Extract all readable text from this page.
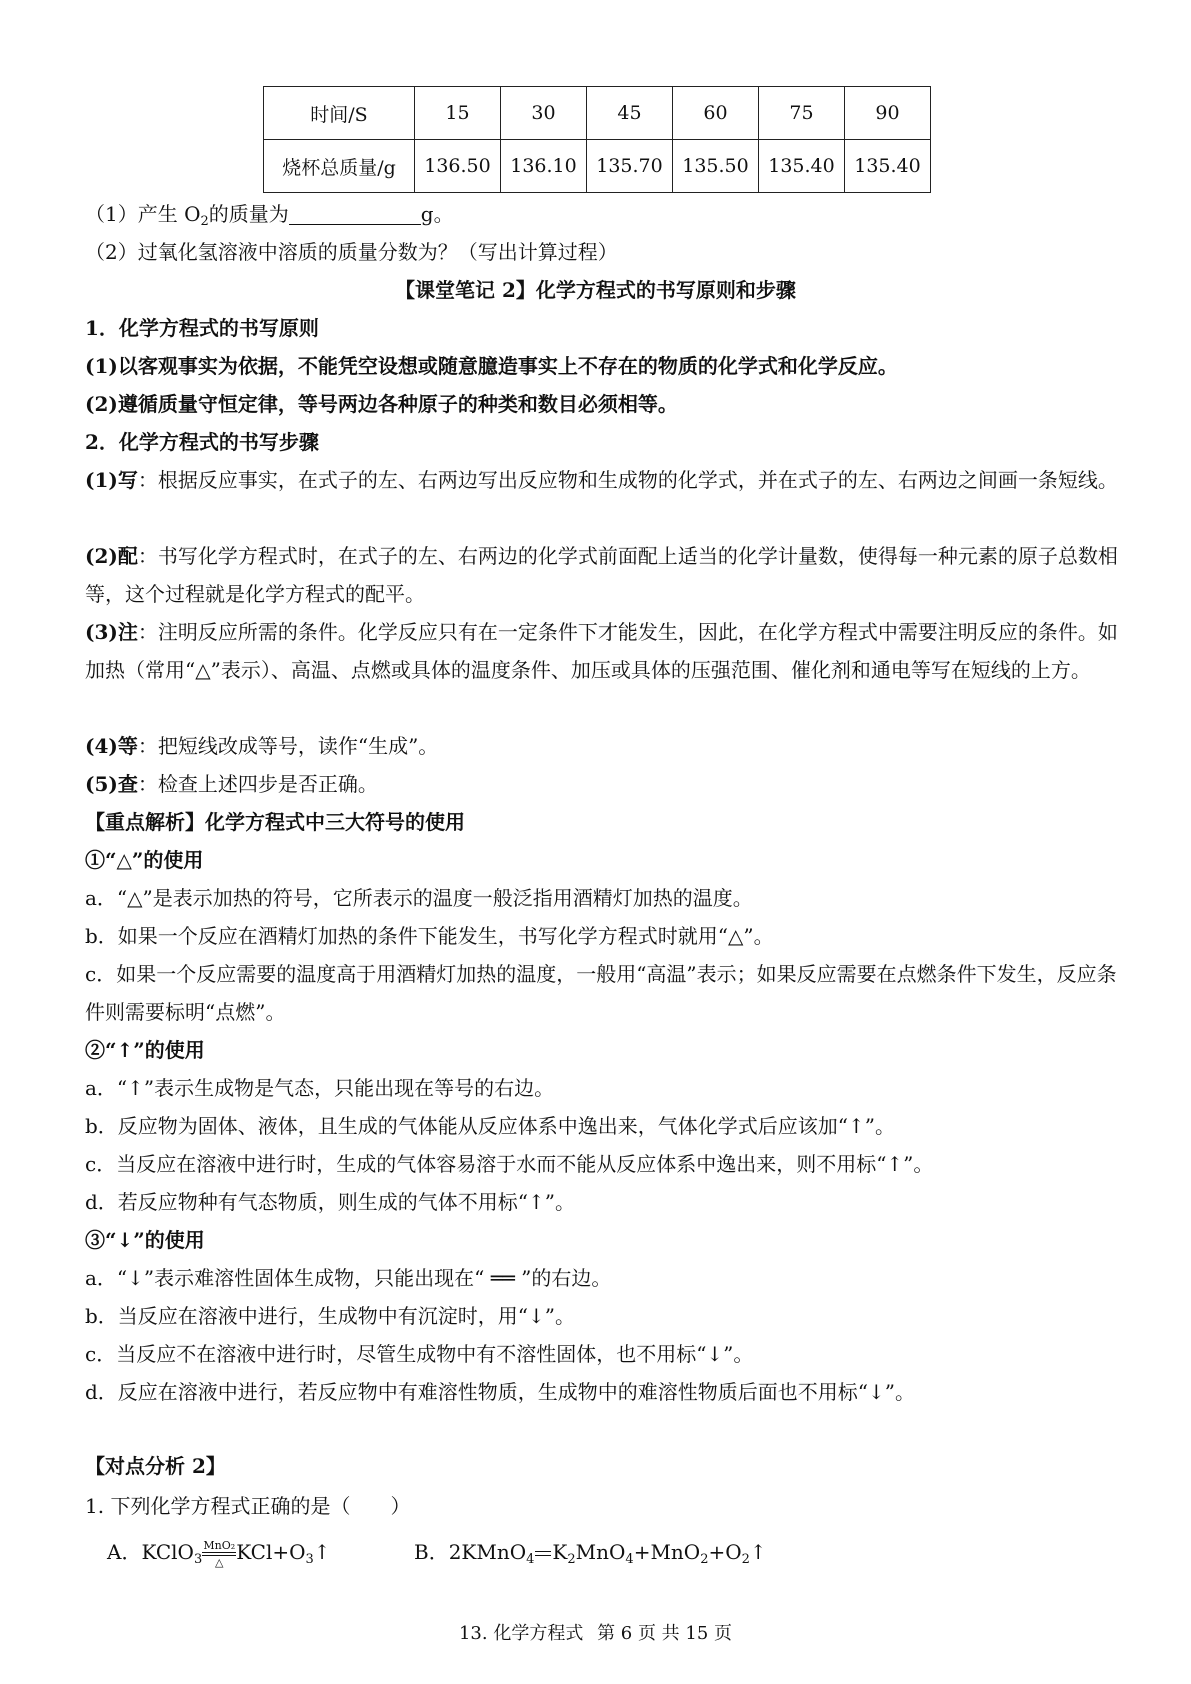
时间/S	15	30	45	60	75	90
烧杯总质量/g	136.50	136.10	135.70	135.50	135.40	135.40
（1）产生 $O_2$的质量为	g。
（2）过氧化氢溶液中溶质的质量分数为？（写出计算过程）
【课堂笔记 2】化学方程式的书写原则和步骤
1．化学方程式的书写原则
(1)以客观事实为依据，不能凭空设想或随意臆造事实上不存在的物质的化学式和化学反应。
(2)遵循质量守恒定律，等号两边各种原子的种类和数目必须相等。
2．化学方程式的书写步骤
(1)写：根据反应事实，在式子的左、右两边写出反应物和生成物的化学式，并在式子的左、右两边之间画一条短线。
(2)配：书写化学方程式时，在式子的左、右两边的化学式前面配上适当的化学计量数，使得每一种元素的原子总数相等，这个过程就是化学方程式的配平。
(3)注：注明反应所需的条件。化学反应只有在一定条件下才能发生，因此，在化学方程式中需要注明反应的条件。如加热（常用“△”表示）、高温、点燃或具体的温度条件、加压或具体的压强范围、催化剂和通电等写在短线的上方。
(4)等：把短线改成等号，读作“生成”。
(5)查：检查上述四步是否正确。
【重点解析】化学方程式中三大符号的使用
①“△”的使用
a．“△”是表示加热的符号，它所表示的温度一般泛指用酒精灯加热的温度。
b．如果一个反应在酒精灯加热的条件下能发生，书写化学方程式时就用“△”。
c．如果一个反应需要的温度高于用酒精灯加热的温度，一般用“高温”表示；如果反应需要在点燃条件下发生，反应条件则需要标明“点燃”。
②“↑”的使用
a．“↑”表示生成物是气态，只能出现在等号的右边。
b．反应物为固体、液体，且生成的气体能从反应体系中逸出来，气体化学式后应该加“↑”。
c．当反应在溶液中进行时，生成的气体容易溶于水而不能从反应体系中逸出来，则不用标“↑”。
d．若反应物种有气态物质，则生成的气体不用标“↑”。
③“↓”的使用
a．“↓”表示难溶性固体生成物，只能出现在“ ══ ”的右边。
b．当反应在溶液中进行，生成物中有沉淀时，用“↓”。
c．当反应不在溶液中进行时，尽管生成物中有不溶性固体，也不用标“↓”。
d．反应在溶液中进行，若反应物中有难溶性物质，生成物中的难溶性物质后面也不用标“↓”。
【对点分析 2】
1. 下列化学方程式正确的是（　　）
A．KClO$_3$
MnO₂
△ $KCl+O_3↑$	B．2KMnO$_4$ $K_2MnO_4+MnO_2+O_2↑$
13. 化学方程式 第 6 页 共 15 页
